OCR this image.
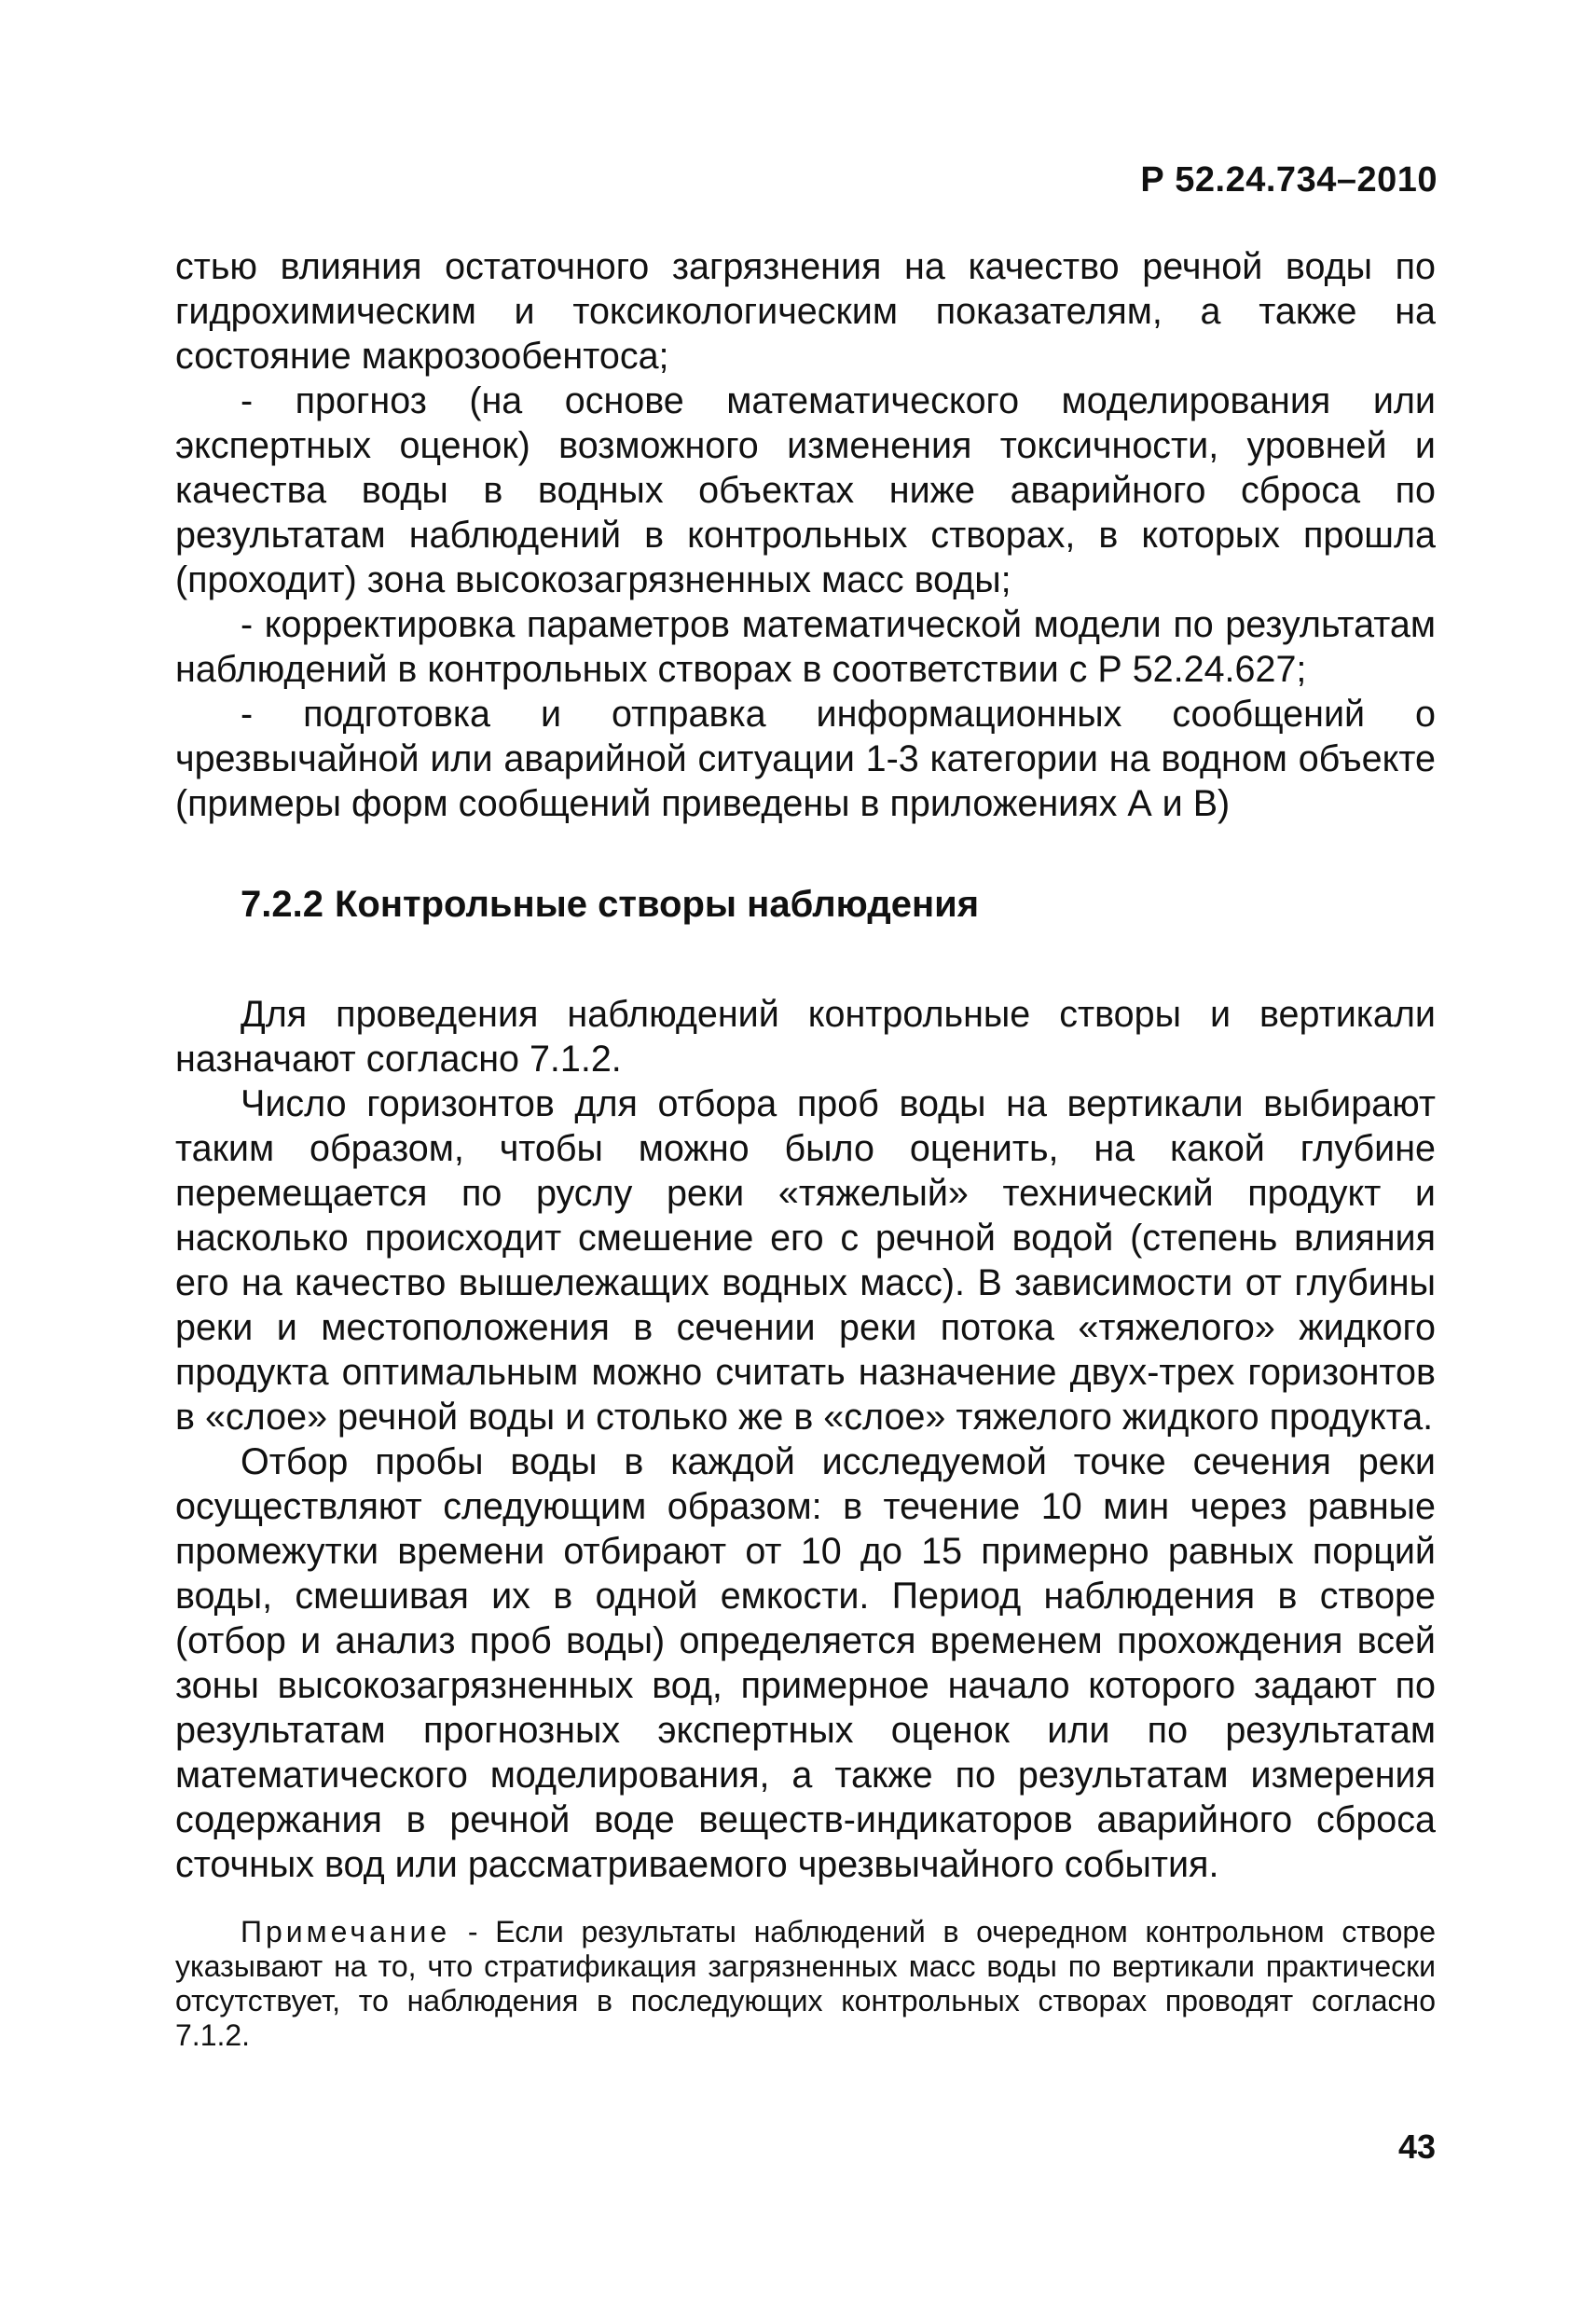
Р 52.24.734–2010

стью влияния остаточного загрязнения на качество речной воды по гидрохимическим и токсикологическим показателям, а также на состояние макрозообентоса;

- прогноз (на основе математического моделирования или экспертных оценок) возможного изменения токсичности, уровней и качества воды в водных объектах ниже аварийного сброса по результатам наблюдений в контрольных створах, в которых прошла (проходит) зона высокозагрязненных масс воды;

- корректировка параметров математической модели по результатам наблюдений в контрольных створах в соответствии с Р 52.24.627;

- подготовка и отправка информационных сообщений о чрезвычайной или аварийной ситуации 1-3 категории на водном объекте (примеры форм сообщений приведены в приложениях А и В)

7.2.2 Контрольные створы наблюдения

Для проведения наблюдений контрольные створы и вертикали назначают согласно 7.1.2.

Число горизонтов для отбора проб воды на вертикали выбирают таким образом, чтобы можно было оценить, на какой глубине перемещается по руслу реки «тяжелый» технический продукт и насколько происходит смешение его с речной водой (степень влияния его на качество вышележащих водных масс). В зависимости от глубины реки и местоположения в сечении реки потока «тяжелого» жидкого продукта оптимальным можно считать назначение двух-трех горизонтов в «слое» речной воды и столько же в «слое» тяжелого жидкого продукта.

Отбор пробы воды в каждой исследуемой точке сечения реки осуществляют следующим образом: в течение 10 мин через равные промежутки времени отбирают от 10 до 15 примерно равных порций воды, смешивая их в одной емкости. Период наблюдения в створе (отбор и анализ проб воды) определяется временем прохождения всей зоны высокозагрязненных вод, примерное начало которого задают по результатам прогнозных экспертных оценок или по результатам математического моделирования, а также по результатам измерения содержания в речной воде веществ-индикаторов аварийного сброса сточных вод или рассматриваемого чрезвычайного события.

Примечание - Если результаты наблюдений в очередном контрольном створе указывают на то, что стратификация загрязненных масс воды по вертикали практически отсутствует, то наблюдения в последующих контрольных створах проводят согласно 7.1.2.

43
